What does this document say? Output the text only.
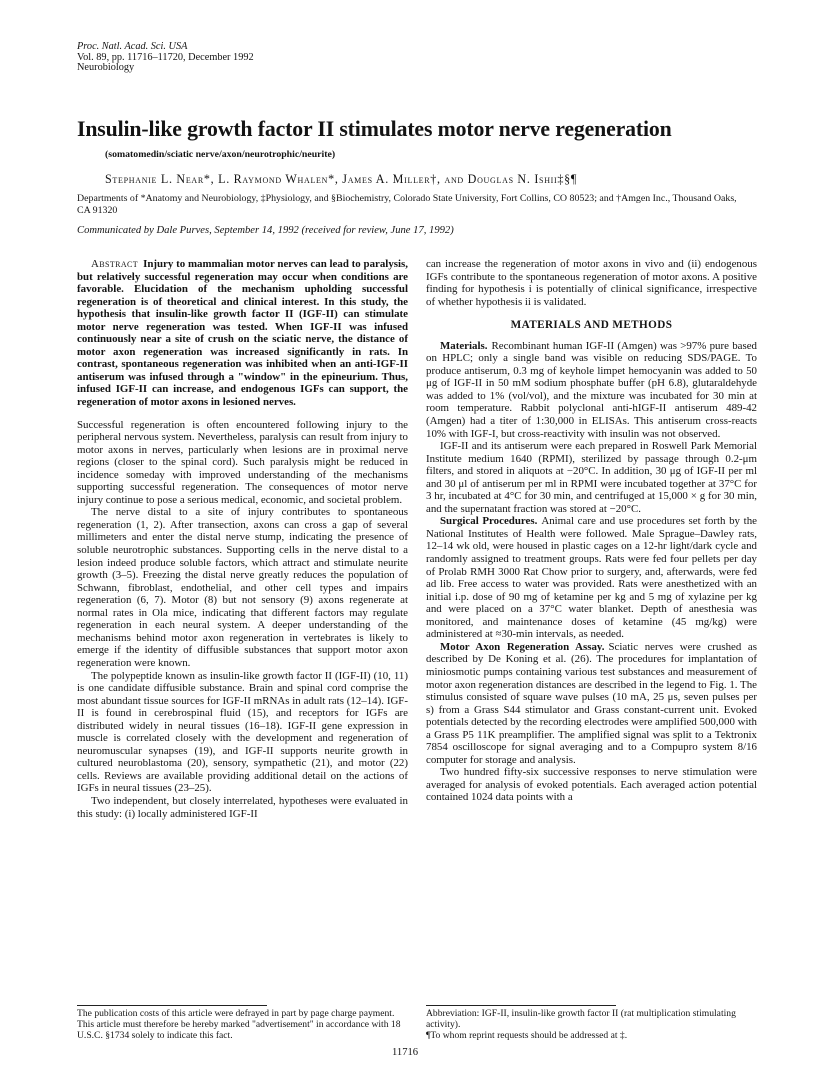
Proc. Natl. Acad. Sci. USA
Vol. 89, pp. 11716–11720, December 1992
Neurobiology
Insulin-like growth factor II stimulates motor nerve regeneration
(somatomedin/sciatic nerve/axon/neurotrophic/neurite)
Stephanie L. Near*, L. Raymond Whalen*, James A. Miller†, and Douglas N. Ishii‡§¶
Departments of *Anatomy and Neurobiology, ‡Physiology, and §Biochemistry, Colorado State University, Fort Collins, CO 80523; and †Amgen Inc., Thousand Oaks, CA 91320
Communicated by Dale Purves, September 14, 1992 (received for review, June 17, 1992)

Abstract Injury to mammalian motor nerves can lead to paralysis, but relatively successful regeneration may occur when conditions are favorable. Elucidation of the mechanism upholding successful regeneration is of theoretical and clinical interest. In this study, the hypothesis that insulin-like growth factor II (IGF-II) can stimulate motor nerve regeneration was tested. When IGF-II was infused continuously near a site of crush on the sciatic nerve, the distance of motor axon regeneration was increased significantly in rats. In contrast, spontaneous regeneration was inhibited when an anti-IGF-II antiserum was infused through a "window" in the epineurium. Thus, infused IGF-II can increase, and endogenous IGFs can support, the regeneration of motor axons in lesioned nerves.

Successful regeneration is often encountered following injury to the peripheral nervous system. Nevertheless, paralysis can result from injury to motor axons in nerves, particularly when lesions are in proximal nerve regions (closer to the spinal cord). Such paralysis might be reduced in incidence someday with improved understanding of the mechanisms supporting successful regeneration. The consequences of motor nerve injury continue to pose a serious medical, economic, and societal problem.

The nerve distal to a site of injury contributes to spontaneous regeneration (1, 2). After transection, axons can cross a gap of several millimeters and enter the distal nerve stump, indicating the presence of soluble neurotrophic substances. Supporting cells in the nerve distal to a lesion indeed produce soluble factors, which attract and stimulate neurite growth (3–5). Freezing the distal nerve greatly reduces the population of Schwann, fibroblast, endothelial, and other cell types and impairs regeneration (6, 7). Motor (8) but not sensory (9) axons regenerate at normal rates in Ola mice, indicating that different factors may regulate regeneration in each neural system. A deeper understanding of the mechanisms behind motor axon regeneration in vertebrates is likely to emerge if the identity of diffusible substances that support motor axon regeneration were known.

The polypeptide known as insulin-like growth factor II (IGF-II) (10, 11) is one candidate diffusible substance. Brain and spinal cord comprise the most abundant tissue sources for IGF-II mRNAs in adult rats (12–14). IGF-II is found in cerebrospinal fluid (15), and receptors for IGFs are distributed widely in neural tissues (16–18). IGF-II gene expression in muscle is correlated closely with the development and regeneration of neuromuscular synapses (19), and IGF-II supports neurite growth in cultured neuroblastoma (20), sensory, sympathetic (21), and motor (22) cells. Reviews are available providing additional detail on the actions of IGFs in neural tissues (23–25).

Two independent, but closely interrelated, hypotheses were evaluated in this study: (i) locally administered IGF-II

can increase the regeneration of motor axons in vivo and (ii) endogenous IGFs contribute to the spontaneous regeneration of motor axons. A positive finding for hypothesis i is potentially of clinical significance, irrespective of whether hypothesis ii is validated.

MATERIALS AND METHODS

Materials. Recombinant human IGF-II (Amgen) was >97% pure based on HPLC; only a single band was visible on reducing SDS/PAGE. To produce antiserum, 0.3 mg of keyhole limpet hemocyanin was added to 50 μg of IGF-II in 50 mM sodium phosphate buffer (pH 6.8), glutaraldehyde was added to 1% (vol/vol), and the mixture was incubated for 30 min at room temperature. Rabbit polyclonal anti-hIGF-II antiserum 489-42 (Amgen) had a titer of 1:30,000 in ELISAs. This antiserum cross-reacts 10% with IGF-I, but cross-reactivity with insulin was not observed.

IGF-II and its antiserum were each prepared in Roswell Park Memorial Institute medium 1640 (RPMI), sterilized by passage through 0.2-μm filters, and stored in aliquots at −20°C. In addition, 30 μg of IGF-II per ml and 30 μl of antiserum per ml in RPMI were incubated together at 37°C for 3 hr, incubated at 4°C for 30 min, and centrifuged at 15,000 × g for 30 min, and the supernatant fraction was stored at −20°C.

Surgical Procedures. Animal care and use procedures set forth by the National Institutes of Health were followed. Male Sprague–Dawley rats, 12–14 wk old, were housed in plastic cages on a 12-hr light/dark cycle and randomly assigned to treatment groups. Rats were fed four pellets per day of Prolab RMH 3000 Rat Chow prior to surgery, and, afterwards, were fed ad lib. Free access to water was provided. Rats were anesthetized with an initial i.p. dose of 90 mg of ketamine per kg and 5 mg of xylazine per kg and were placed on a 37°C water blanket. Depth of anesthesia was monitored, and maintenance doses of ketamine (45 mg/kg) were administered at ≈30-min intervals, as needed.

Motor Axon Regeneration Assay. Sciatic nerves were crushed as described by De Koning et al. (26). The procedures for implantation of miniosmotic pumps containing various test substances and measurement of motor axon regeneration distances are described in the legend to Fig. 1. The stimulus consisted of square wave pulses (10 mA, 25 μs, seven pulses per s) from a Grass S44 stimulator and Grass constant-current unit. Evoked potentials detected by the recording electrodes were amplified 500,000 with a Grass P5 11K preamplifier. The amplified signal was split to a Tektronix 7854 oscilloscope for signal averaging and to a Compupro system 8/16 computer for storage and analysis.

Two hundred fifty-six successive responses to nerve stimulation were averaged for analysis of evoked potentials. Each averaged action potential contained 1024 data points with a

The publication costs of this article were defrayed in part by page charge payment. This article must therefore be hereby marked "advertisement" in accordance with 18 U.S.C. §1734 solely to indicate this fact.
Abbreviation: IGF-II, insulin-like growth factor II (rat multiplication stimulating activity).
¶To whom reprint requests should be addressed at ‡.
11716
